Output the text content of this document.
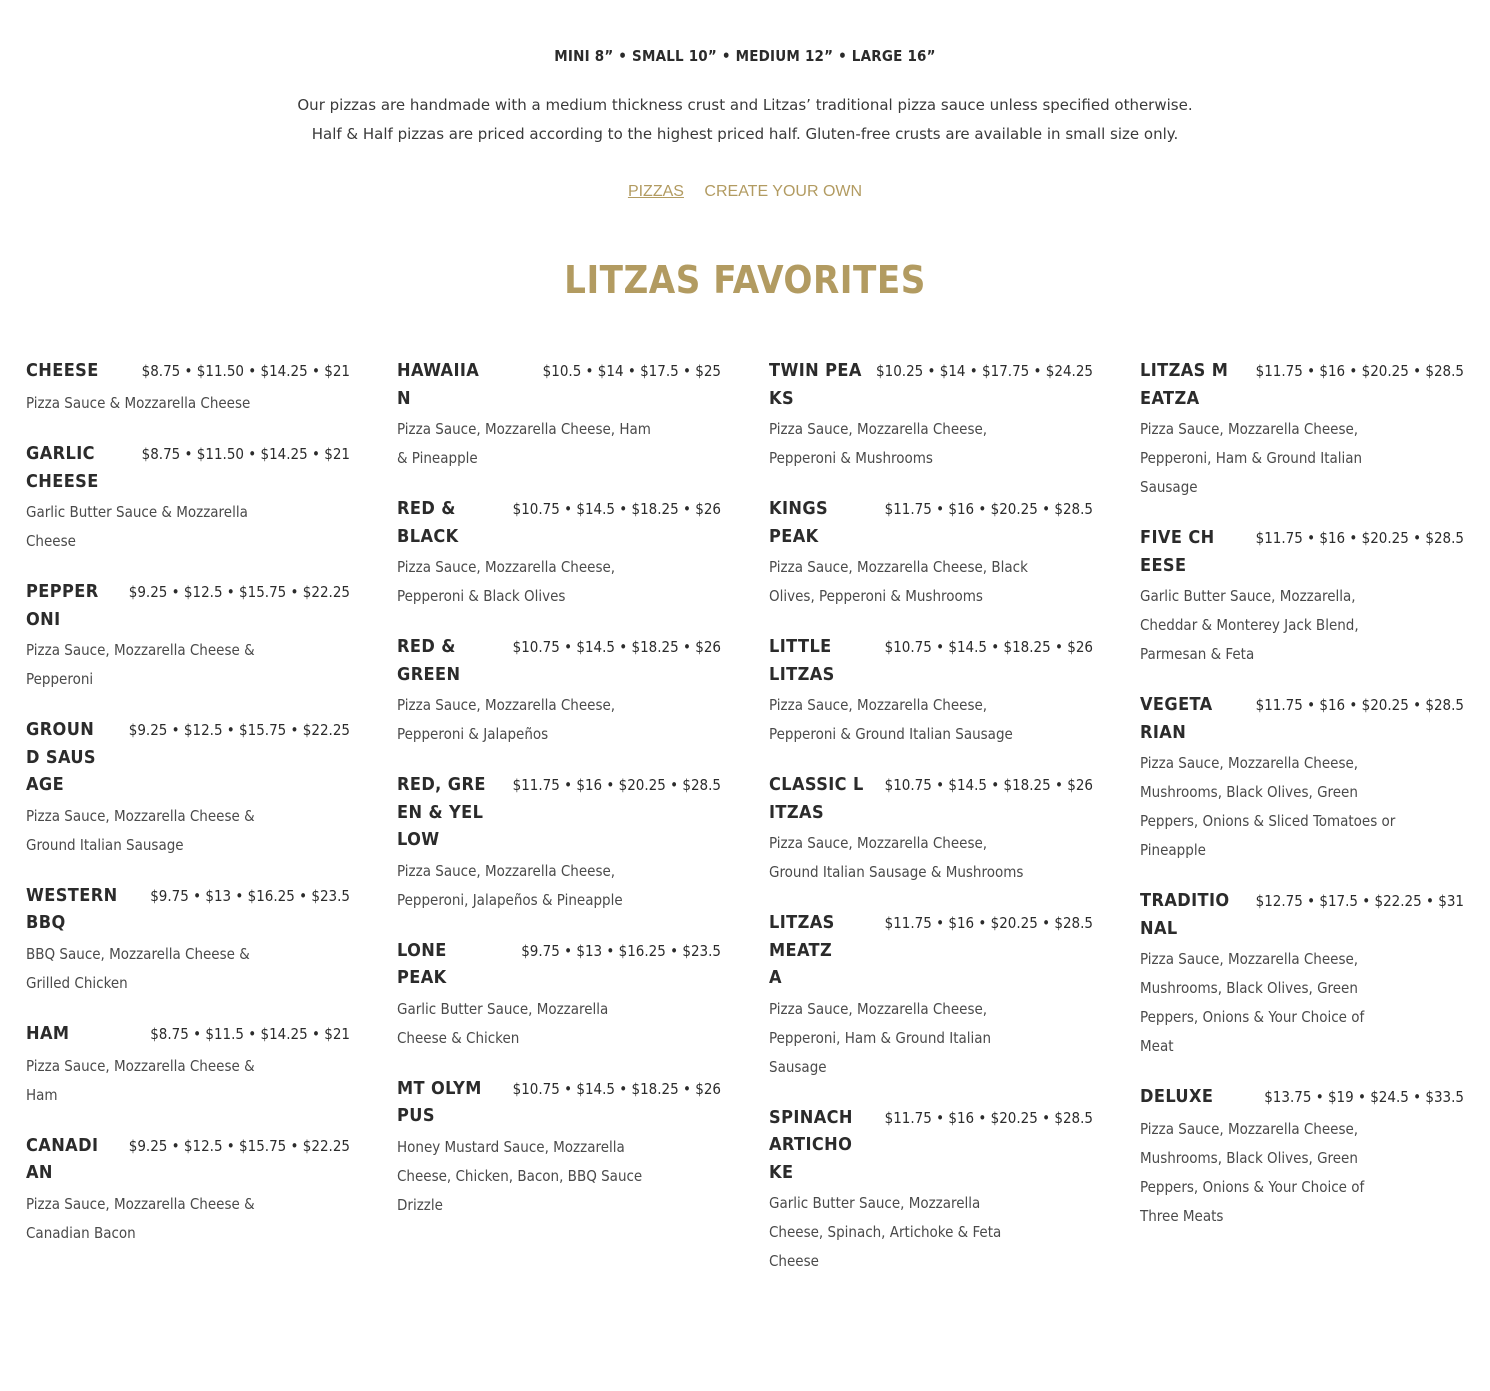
MINI 8” • SMALL 10” • MEDIUM 12” • LARGE 16”
Our pizzas are handmade with a medium thickness crust and Litzas’ traditional pizza sauce unless specified otherwise.
Half & Half pizzas are priced according to the highest priced half. Gluten-free crusts are available in small size only.
PIZZAS CREATE YOUR OWN
LITZAS FAVORITES
CHEESE	$8.75 • $11.50 • $14.25 • $21
Pizza Sauce & Mozzarella Cheese
GARLIC CHEESE
$8.75 • $11.50 • $14.25 • $21
Garlic Butter Sauce & Mozzarella Cheese
PEPPERONI
$9.25 • $12.5 • $15.75 • $22.25
Pizza Sauce, Mozzarella Cheese & Pepperoni
GROUND SAUSAGE
$9.25 • $12.5 • $15.75 • $22.25
Pizza Sauce, Mozzarella Cheese & Ground Italian Sausage
WESTERN BBQ
$9.75 • $13 • $16.25 • $23.5
BBQ Sauce, Mozzarella Cheese & Grilled Chicken
HAM	$8.75 • $11.5 • $14.25 • $21
Pizza Sauce, Mozzarella Cheese & Ham
CANADIAN
$9.25 • $12.5 • $15.75 • $22.25
Pizza Sauce, Mozzarella Cheese & Canadian Bacon
HAWAIIAN
$10.5 • $14 • $17.5 • $25
Pizza Sauce, Mozzarella Cheese, Ham & Pineapple
RED & BLACK
$10.75 • $14.5 • $18.25 • $26
Pizza Sauce, Mozzarella Cheese, Pepperoni & Black Olives
RED & GREEN
$10.75 • $14.5 • $18.25 • $26
Pizza Sauce, Mozzarella Cheese, Pepperoni & Jalapeños
RED, GREEN & YELLOW
$11.75 • $16 • $20.25 • $28.5
Pizza Sauce, Mozzarella Cheese, Pepperoni, Jalapeños & Pineapple
LONE PEAK
$9.75 • $13 • $16.25 • $23.5
Garlic Butter Sauce, Mozzarella Cheese & Chicken
MT OLYMPUS
$10.75 • $14.5 • $18.25 • $26
Honey Mustard Sauce, Mozzarella Cheese, Chicken, Bacon, BBQ Sauce Drizzle
TWIN PEAKS
$10.25 • $14 • $17.75 • $24.25
Pizza Sauce, Mozzarella Cheese, Pepperoni & Mushrooms
KINGS PEAK
$11.75 • $16 • $20.25 • $28.5
Pizza Sauce, Mozzarella Cheese, Black Olives, Pepperoni & Mushrooms
LITTLE LITZAS
$10.75 • $14.5 • $18.25 • $26
Pizza Sauce, Mozzarella Cheese, Pepperoni & Ground Italian Sausage
CLASSIC LITZAS
$10.75 • $14.5 • $18.25 • $26
Pizza Sauce, Mozzarella Cheese, Ground Italian Sausage & Mushrooms
LITZAS MEATZA
$11.75 • $16 • $20.25 • $28.5
Pizza Sauce, Mozzarella Cheese, Pepperoni, Ham & Ground Italian Sausage
SPINACH ARTICHOKE
$11.75 • $16 • $20.25 • $28.5
Garlic Butter Sauce, Mozzarella Cheese, Spinach, Artichoke & Feta Cheese
LITZAS MEATZA
$11.75 • $16 • $20.25 • $28.5
Pizza Sauce, Mozzarella Cheese, Pepperoni, Ham & Ground Italian Sausage
FIVE CHEESE
$11.75 • $16 • $20.25 • $28.5
Garlic Butter Sauce, Mozzarella, Cheddar & Monterey Jack Blend, Parmesan & Feta
VEGETARIAN
$11.75 • $16 • $20.25 • $28.5
Pizza Sauce, Mozzarella Cheese, Mushrooms, Black Olives, Green Peppers, Onions & Sliced Tomatoes or Pineapple
TRADITIONAL
$12.75 • $17.5 • $22.25 • $31
Pizza Sauce, Mozzarella Cheese, Mushrooms, Black Olives, Green Peppers, Onions & Your Choice of Meat
DELUXE	$13.75 • $19 • $24.5 • $33.5
Pizza Sauce, Mozzarella Cheese, Mushrooms, Black Olives, Green Peppers, Onions & Your Choice of Three Meats
